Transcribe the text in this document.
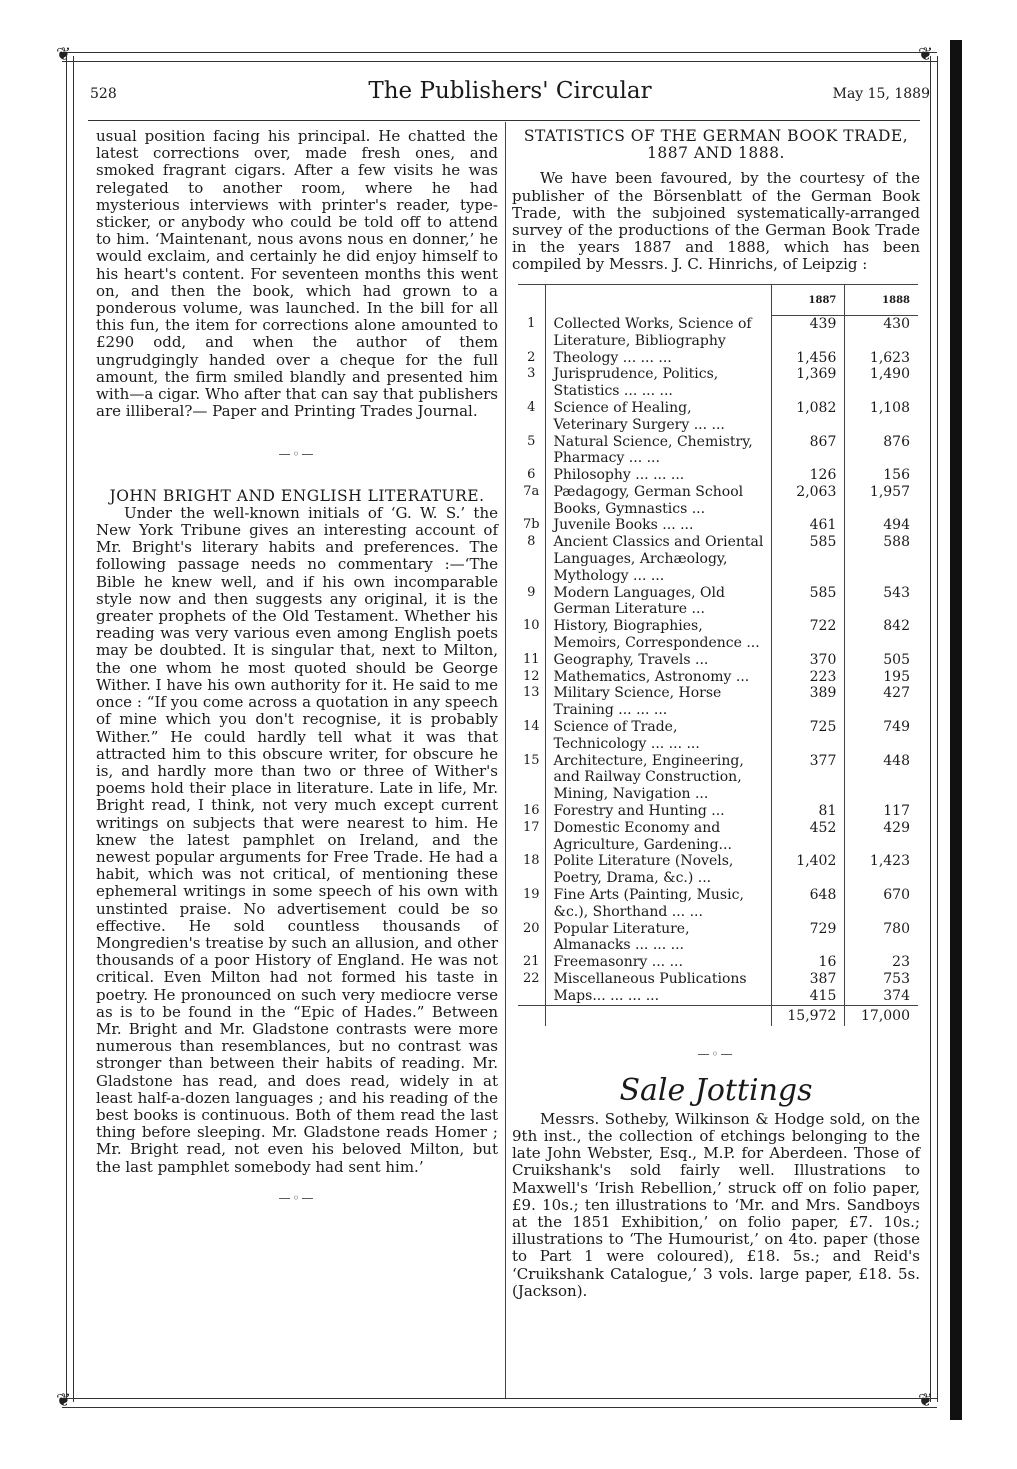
❦	❦
❦	❦
528	The Publishers' Circular	May 15, 1889

usual position facing his principal. He chatted the latest corrections over, made fresh ones, and smoked fragrant cigars. After a few visits he was relegated to another room, where he had mysterious interviews with printer's reader, type-sticker, or anybody who could be told off to attend to him. ‘Maintenant, nous avons nous en donner,’ he would exclaim, and certainly he did enjoy himself to his heart's content. For seventeen months this went on, and then the book, which had grown to a ponderous volume, was launched. In the bill for all this fun, the item for corrections alone amounted to £290 odd, and when the author of them ungrudgingly handed over a cheque for the full amount, the firm smiled blandly and presented him with—a cigar. Who after that can say that publishers are illiberal?— Paper and Printing Trades Journal.

—◦—

JOHN BRIGHT AND ENGLISH LITERATURE.

Under the well-known initials of ‘G. W. S.’ the New York Tribune gives an interesting account of Mr. Bright's literary habits and preferences. The following passage needs no commentary :—‘The Bible he knew well, and if his own incomparable style now and then suggests any original, it is the greater prophets of the Old Testament. Whether his reading was very various even among English poets may be doubted. It is singular that, next to Milton, the one whom he most quoted should be George Wither. I have his own authority for it. He said to me once : “If you come across a quotation in any speech of mine which you don't recognise, it is probably Wither.” He could hardly tell what it was that attracted him to this obscure writer, for obscure he is, and hardly more than two or three of Wither's poems hold their place in literature. Late in life, Mr. Bright read, I think, not very much except current writings on subjects that were nearest to him. He knew the latest pamphlet on Ireland, and the newest popular arguments for Free Trade. He had a habit, which was not critical, of mentioning these ephemeral writings in some speech of his own with unstinted praise. No advertisement could be so effective. He sold countless thousands of Mongredien's treatise by such an allusion, and other thousands of a poor History of England. He was not critical. Even Milton had not formed his taste in poetry. He pronounced on such very mediocre verse as is to be found in the “Epic of Hades.” Between Mr. Bright and Mr. Gladstone contrasts were more numerous than resemblances, but no contrast was stronger than between their habits of reading. Mr. Gladstone has read, and does read, widely in at least half-a-dozen languages ; and his reading of the best books is continuous. Both of them read the last thing before sleeping. Mr. Gladstone reads Homer ; Mr. Bright read, not even his beloved Milton, but the last pamphlet somebody had sent him.’

—◦—

STATISTICS OF THE GERMAN BOOK TRADE, 1887 AND 1888.

We have been favoured, by the courtesy of the publisher of the Börsenblatt of the German Book Trade, with the subjoined systematically-arranged survey of the productions of the German Book Trade in the years 1887 and 1888, which has been compiled by Messrs. J. C. Hinrichs, of Leipzig :

		1887	1888
1	Collected Works, Science of Literature, Bibliography	439	430
2	Theology ... ... ...	1,456	1,623
3	Jurisprudence, Politics, Statistics ... ... ...	1,369	1,490
4	Science of Healing, Veterinary Surgery ... ...	1,082	1,108
5	Natural Science, Chemistry, Pharmacy ... ...	867	876
6	Philosophy ... ... ...	126	156
7a	Pædagogy, German School Books, Gymnastics ...	2,063	1,957
7b	Juvenile Books ... ...	461	494
8	Ancient Classics and Oriental Languages, Archæology, Mythology ... ...	585	588
9	Modern Languages, Old German Literature ...	585	543
10	History, Biographies, Memoirs, Correspondence ...	722	842
11	Geography, Travels ...	370	505
12	Mathematics, Astronomy ...	223	195
13	Military Science, Horse Training ... ... ...	389	427
14	Science of Trade, Technicology ... ... ...	725	749
15	Architecture, Engineering, and Railway Construction, Mining, Navigation ...	377	448
16	Forestry and Hunting ...	81	117
17	Domestic Economy and Agriculture, Gardening...	452	429
18	Polite Literature (Novels, Poetry, Drama, &c.) ...	1,402	1,423
19	Fine Arts (Painting, Music, &c.), Shorthand ... ...	648	670
20	Popular Literature, Almanacks ... ... ...	729	780
21	Freemasonry ... ...	16	23
22	Miscellaneous Publications	387	753
	Maps... ... ... ...	415	374
		15,972	17,000
—◦—
Sale Jottings

Messrs. Sotheby, Wilkinson & Hodge sold, on the 9th inst., the collection of etchings belonging to the late John Webster, Esq., M.P. for Aberdeen. Those of Cruikshank's sold fairly well. Illustrations to Maxwell's ‘Irish Rebellion,’ struck off on folio paper, £9. 10s.; ten illustrations to ‘Mr. and Mrs. Sandboys at the 1851 Exhibition,’ on folio paper, £7. 10s.; illustrations to ‘The Humourist,’ on 4to. paper (those to Part 1 were coloured), £18. 5s.; and Reid's ‘Cruikshank Catalogue,’ 3 vols. large paper, £18. 5s. (Jackson).
